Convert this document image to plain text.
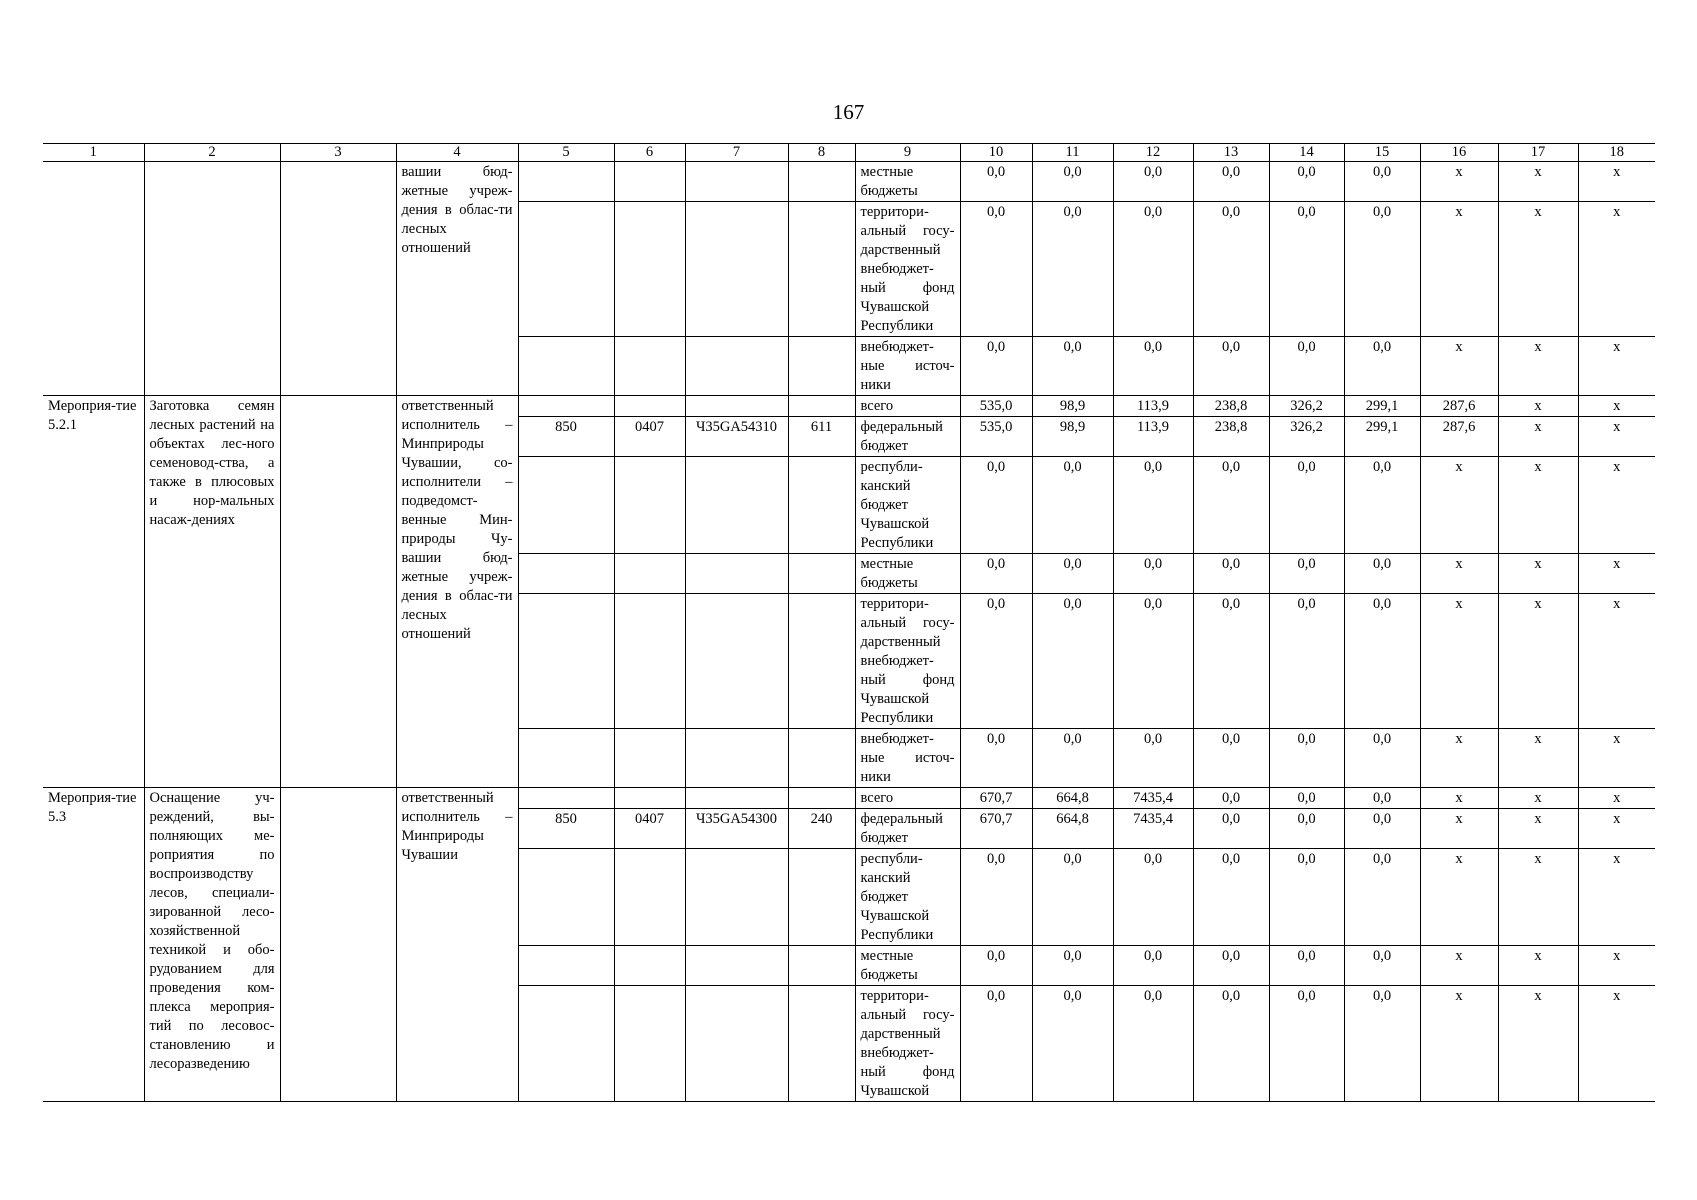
167
1	2	3	4	5	6	7	8	9	10	11	12	13	14	15	16	17	18
			вашии бюд-жетные учреж-дения в облас-ти лесных отношений					местные бюджеты	0,0	0,0	0,0	0,0	0,0	0,0	x	x	x
								территори-альный госу-дарственный внебюджет-ный фонд Чувашской Республики	0,0	0,0	0,0	0,0	0,0	0,0	x	x	x
								внебюджет-ные источ-ники	0,0	0,0	0,0	0,0	0,0	0,0	x	x	x
Мероприя-тие 5.2.1	Заготовка семян лесных растений на объектах лес-ного семеновод-ства, а также в плюсовых и нор-мальных насаж-дениях		ответственный исполнитель – Минприроды Чувашии, со-исполнители – подведомст-венные Мин-природы Чу-вашии бюд-жетные учреж-дения в облас-ти лесных отношений					всего	535,0	98,9	113,9	238,8	326,2	299,1	287,6	x	x
				850	0407	Ч35GA54310	611	федеральный бюджет	535,0	98,9	113,9	238,8	326,2	299,1	287,6	x	x
								республи-канский бюджет Чувашской Республики	0,0	0,0	0,0	0,0	0,0	0,0	x	x	x
								местные бюджеты	0,0	0,0	0,0	0,0	0,0	0,0	x	x	x
								территори-альный госу-дарственный внебюджет-ный фонд Чувашской Республики	0,0	0,0	0,0	0,0	0,0	0,0	x	x	x
								внебюджет-ные источ-ники	0,0	0,0	0,0	0,0	0,0	0,0	x	x	x
Мероприя-тие 5.3	Оснащение уч-реждений, вы-полняющих ме-роприятия по воспроизводству лесов, специали-зированной лесо-хозяйственной техникой и обо-рудованием для проведения ком-плекса мероприя-тий по лесовос-становлению и лесоразведению		ответственный исполнитель – Минприроды Чувашии					всего	670,7	664,8	7435,4	0,0	0,0	0,0	x	x	x
				850	0407	Ч35GA54300	240	федеральный бюджет	670,7	664,8	7435,4	0,0	0,0	0,0	x	x	x
								республи-канский бюджет Чувашской Республики	0,0	0,0	0,0	0,0	0,0	0,0	x	x	x
								местные бюджеты	0,0	0,0	0,0	0,0	0,0	0,0	x	x	x
								территори-альный госу-дарственный внебюджет-ный фонд Чувашской	0,0	0,0	0,0	0,0	0,0	0,0	x	x	x
